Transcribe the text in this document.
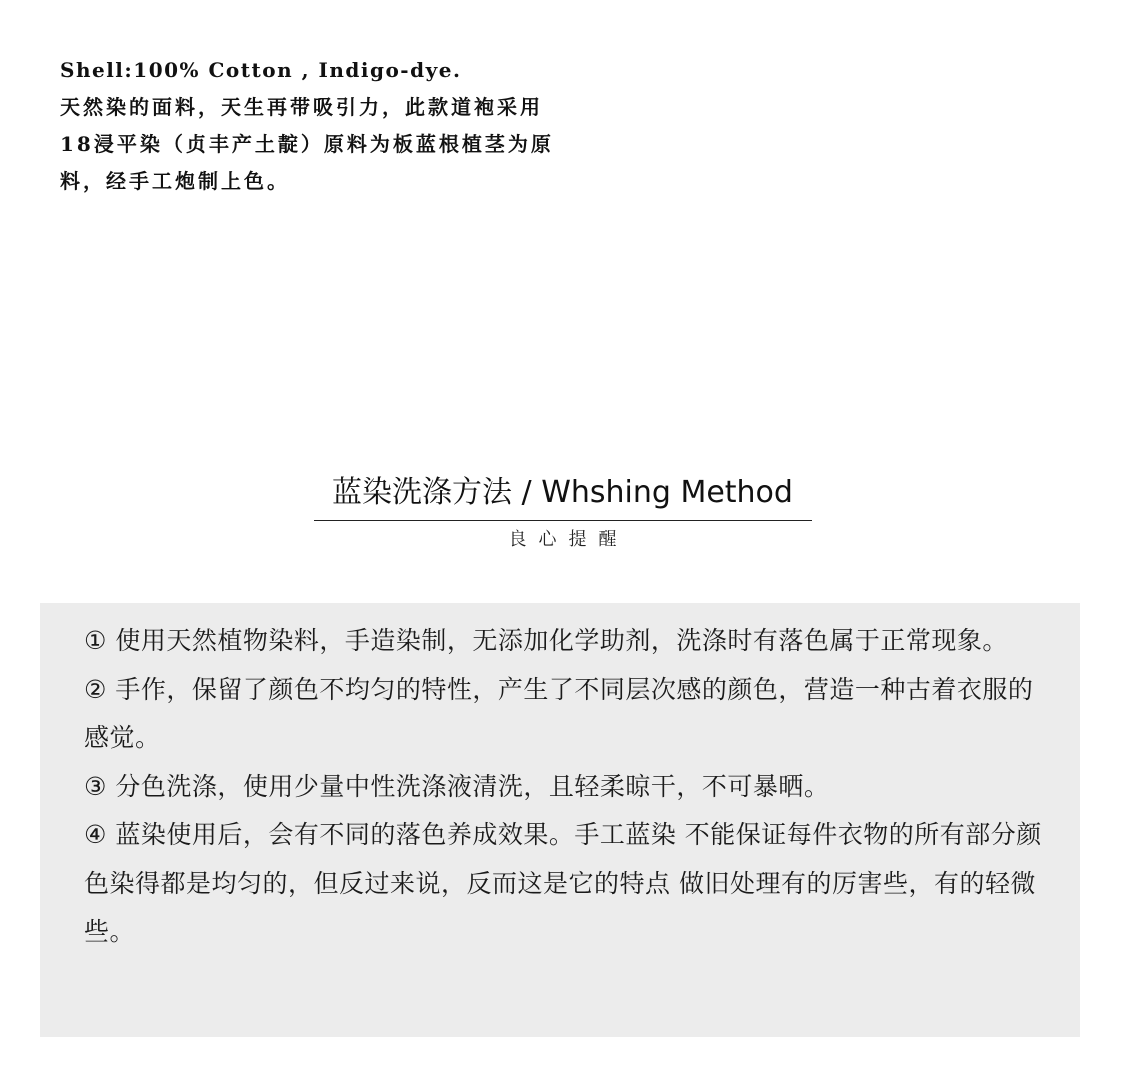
Shell:100% Cotton , Indigo-dye.
天然染的面料，天生再带吸引力，此款道袍采用
18浸平染（贞丰产土靛）原料为板蓝根植茎为原
料，经手工炮制上色。
蓝染洗涤方法 / Whshing Method
良心提醒
① 使用天然植物染料，手造染制，无添加化学助剂，洗涤时有落色属于正常现象。
② 手作，保留了颜色不均匀的特性，产生了不同层次感的颜色，营造一种古着衣服的感觉。
③ 分色洗涤，使用少量中性洗涤液清洗，且轻柔晾干，不可暴晒。
④ 蓝染使用后，会有不同的落色养成效果。手工蓝染 不能保证每件衣物的所有部分颜色染得都是均匀的，但反过来说，反而这是它的特点 做旧处理有的厉害些，有的轻微些。
